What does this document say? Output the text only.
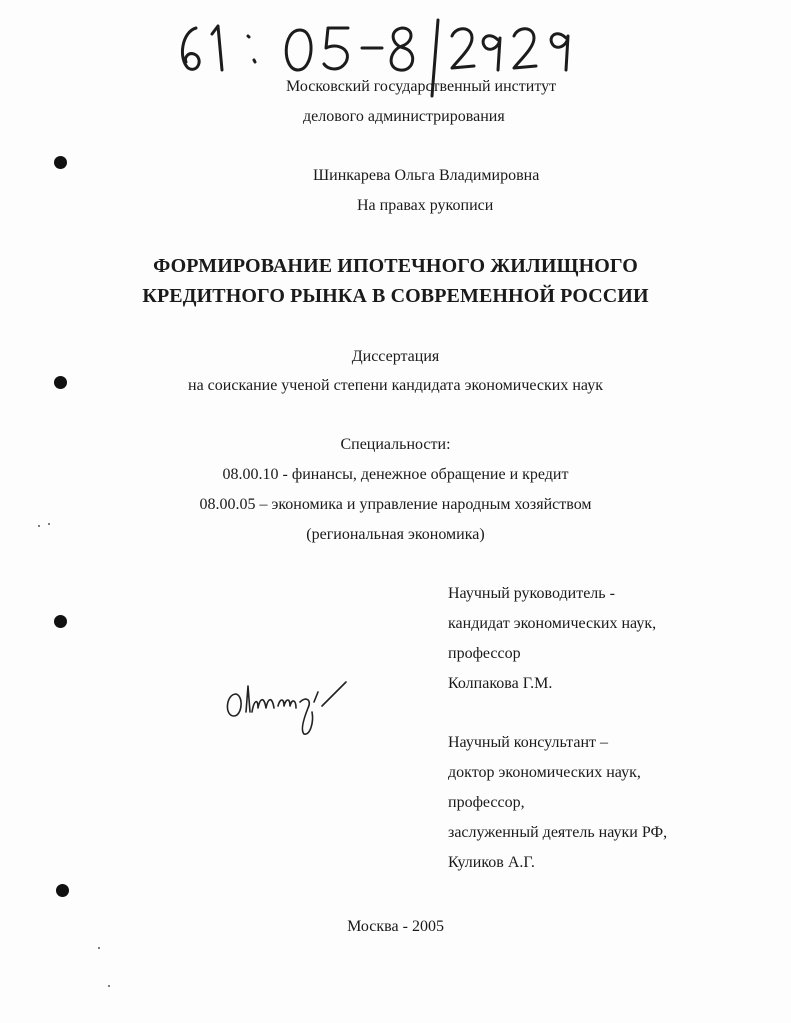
Московский государственный институт
делового администрирования
Шинкарева Ольга Владимировна
На правах рукописи
ФОРМИРОВАНИЕ ИПОТЕЧНОГО ЖИЛИЩНОГО
КРЕДИТНОГО РЫНКА В СОВРЕМЕННОЙ РОССИИ
Диссертация
на соискание ученой степени кандидата экономических наук
Специальности:
08.00.10 - финансы, денежное обращение и кредит
08.00.05 – экономика и управление народным хозяйством
(региональная экономика)
Научный руководитель -
кандидат экономических наук,
профессор
Колпакова Г.М.
Научный консультант –
доктор экономических наук,
профессор,
заслуженный деятель науки РФ,
Куликов А.Г.
Москва - 2005
